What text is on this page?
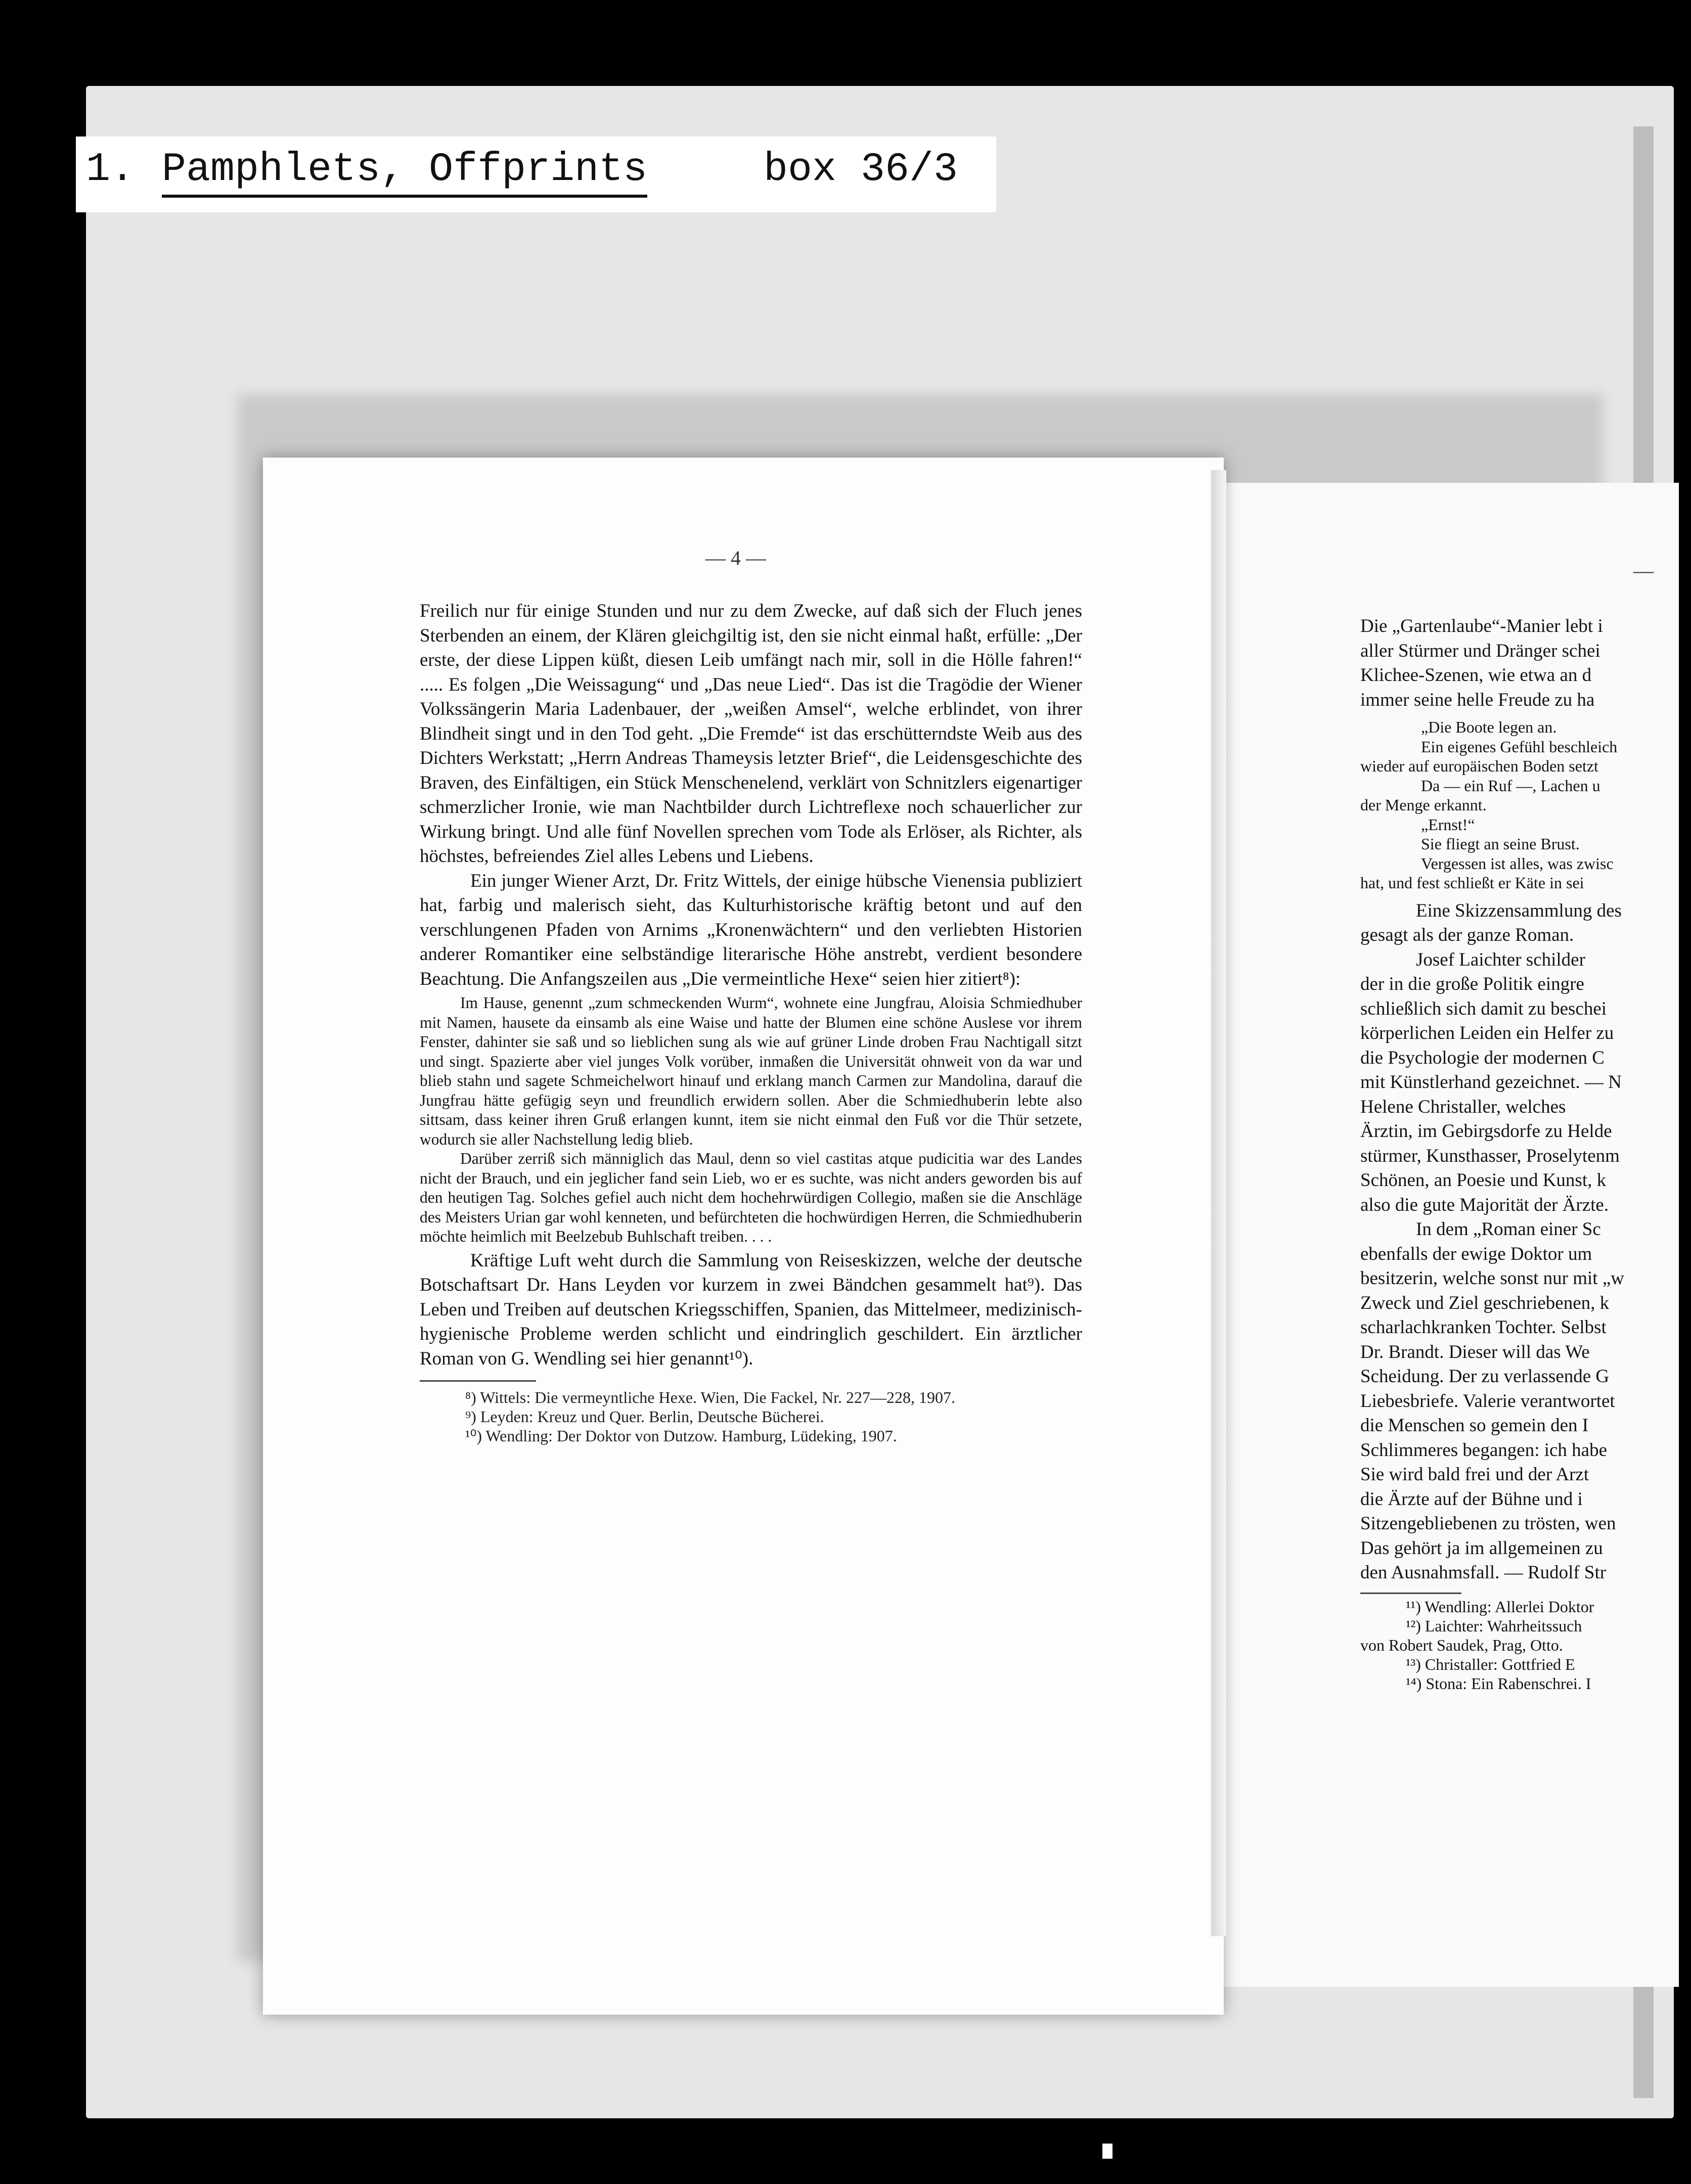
1. Pamphlets, Offprints	box 36/3
— 4 —
—

Freilich nur für einige Stunden und nur zu dem Zwecke, auf daß sich der Fluch jenes Sterbenden an einem, der Klären gleichgiltig ist, den sie nicht einmal haßt, erfülle: „Der erste, der diese Lippen küßt, diesen Leib umfängt nach mir, soll in die Hölle fahren!“ ..... Es folgen „Die Weissagung“ und „Das neue Lied“. Das ist die Tragödie der Wiener Volkssängerin Maria Ladenbauer, der „weißen Amsel“, welche erblindet, von ihrer Blindheit singt und in den Tod geht. „Die Fremde“ ist das erschütterndste Weib aus des Dichters Werkstatt; „Herrn Andreas Thameysis letzter Brief“, die Leidensgeschichte des Braven, des Einfältigen, ein Stück Menschenelend, verklärt von Schnitzlers eigenartiger schmerzlicher Ironie, wie man Nachtbilder durch Lichtreflexe noch schauerlicher zur Wirkung bringt. Und alle fünf Novellen sprechen vom Tode als Erlöser, als Richter, als höchstes, befreiendes Ziel alles Lebens und Liebens.

Ein junger Wiener Arzt, Dr. Fritz Wittels, der einige hübsche Vienensia publiziert hat, farbig und malerisch sieht, das Kulturhistorische kräftig betont und auf den verschlungenen Pfaden von Arnims „Kronenwächtern“ und den verliebten Historien anderer Romantiker eine selbständige literarische Höhe anstrebt, verdient besondere Beachtung. Die Anfangszeilen aus „Die vermeintliche Hexe“ seien hier zitiert⁸):

Im Hause, genennt „zum schmeckenden Wurm“, wohnete eine Jungfrau, Aloisia Schmiedhuber mit Namen, hausete da einsamb als eine Waise und hatte der Blumen eine schöne Auslese vor ihrem Fenster, dahinter sie saß und so lieblichen sung als wie auf grüner Linde droben Frau Nachtigall sitzt und singt. Spazierte aber viel junges Volk vorüber, inmaßen die Universität ohnweit von da war und blieb stahn und sagete Schmeichelwort hinauf und erklang manch Carmen zur Mandolina, darauf die Jungfrau hätte gefügig seyn und freundlich erwidern sollen. Aber die Schmiedhuberin lebte also sittsam, dass keiner ihren Gruß erlangen kunnt, item sie nicht einmal den Fuß vor die Thür setzete, wodurch sie aller Nachstellung ledig blieb.

Darüber zerriß sich männiglich das Maul, denn so viel castitas atque pudicitia war des Landes nicht der Brauch, und ein jeglicher fand sein Lieb, wo er es suchte, was nicht anders geworden bis auf den heutigen Tag. Solches gefiel auch nicht dem hochehrwürdigen Collegio, maßen sie die Anschläge des Meisters Urian gar wohl kenneten, und befürchteten die hochwürdigen Herren, die Schmiedhuberin möchte heimlich mit Beelzebub Buhlschaft treiben. . . .

Kräftige Luft weht durch die Sammlung von Reiseskizzen, welche der deutsche Botschaftsart Dr. Hans Leyden vor kurzem in zwei Bändchen gesammelt hat⁹). Das Leben und Treiben auf deutschen Kriegsschiffen, Spanien, das Mittelmeer, medizinisch-hygienische Probleme werden schlicht und eindringlich geschildert. Ein ärztlicher Roman von G. Wendling sei hier genannt¹⁰).

⁸) Wittels: Die vermeyntliche Hexe. Wien, Die Fackel, Nr. 227—228, 1907.

⁹) Leyden: Kreuz und Quer. Berlin, Deutsche Bücherei.

¹⁰) Wendling: Der Doktor von Dutzow. Hamburg, Lüdeking, 1907.

Die „Gartenlaube“-Manier lebt i

aller Stürmer und Dränger schei

Klichee-Szenen, wie etwa an d

immer seine helle Freude zu ha

„Die Boote legen an.

Ein eigenes Gefühl beschleich

wieder auf europäischen Boden setzt

Da — ein Ruf —, Lachen u

der Menge erkannt.

„Ernst!“

Sie fliegt an seine Brust.

Vergessen ist alles, was zwisc

hat, und fest schließt er Käte in sei

Eine Skizzensammlung des

gesagt als der ganze Roman.

Josef Laichter schilder

der in die große Politik eingre

schließlich sich damit zu beschei

körperlichen Leiden ein Helfer zu

die Psychologie der modernen C

mit Künstlerhand gezeichnet. — N

Helene Christaller, welches

Ärztin, im Gebirgsdorfe zu Helde

stürmer, Kunsthasser, Proselytenm

Schönen, an Poesie und Kunst, k

also die gute Majorität der Ärzte.

In dem „Roman einer Sc

ebenfalls der ewige Doktor um

besitzerin, welche sonst nur mit „w

Zweck und Ziel geschriebenen, k

scharlachkranken Tochter. Selbst

Dr. Brandt. Dieser will das We

Scheidung. Der zu verlassende G

Liebesbriefe. Valerie verantwortet

die Menschen so gemein den I

Schlimmeres begangen: ich habe

Sie wird bald frei und der Arzt

die Ärzte auf der Bühne und i

Sitzengebliebenen zu trösten, wen

Das gehört ja im allgemeinen zu

den Ausnahmsfall. — Rudolf Str

¹¹) Wendling: Allerlei Doktor

¹²) Laichter: Wahrheitssuch

von Robert Saudek, Prag, Otto.

¹³) Christaller: Gottfried E

¹⁴) Stona: Ein Rabenschrei. I
